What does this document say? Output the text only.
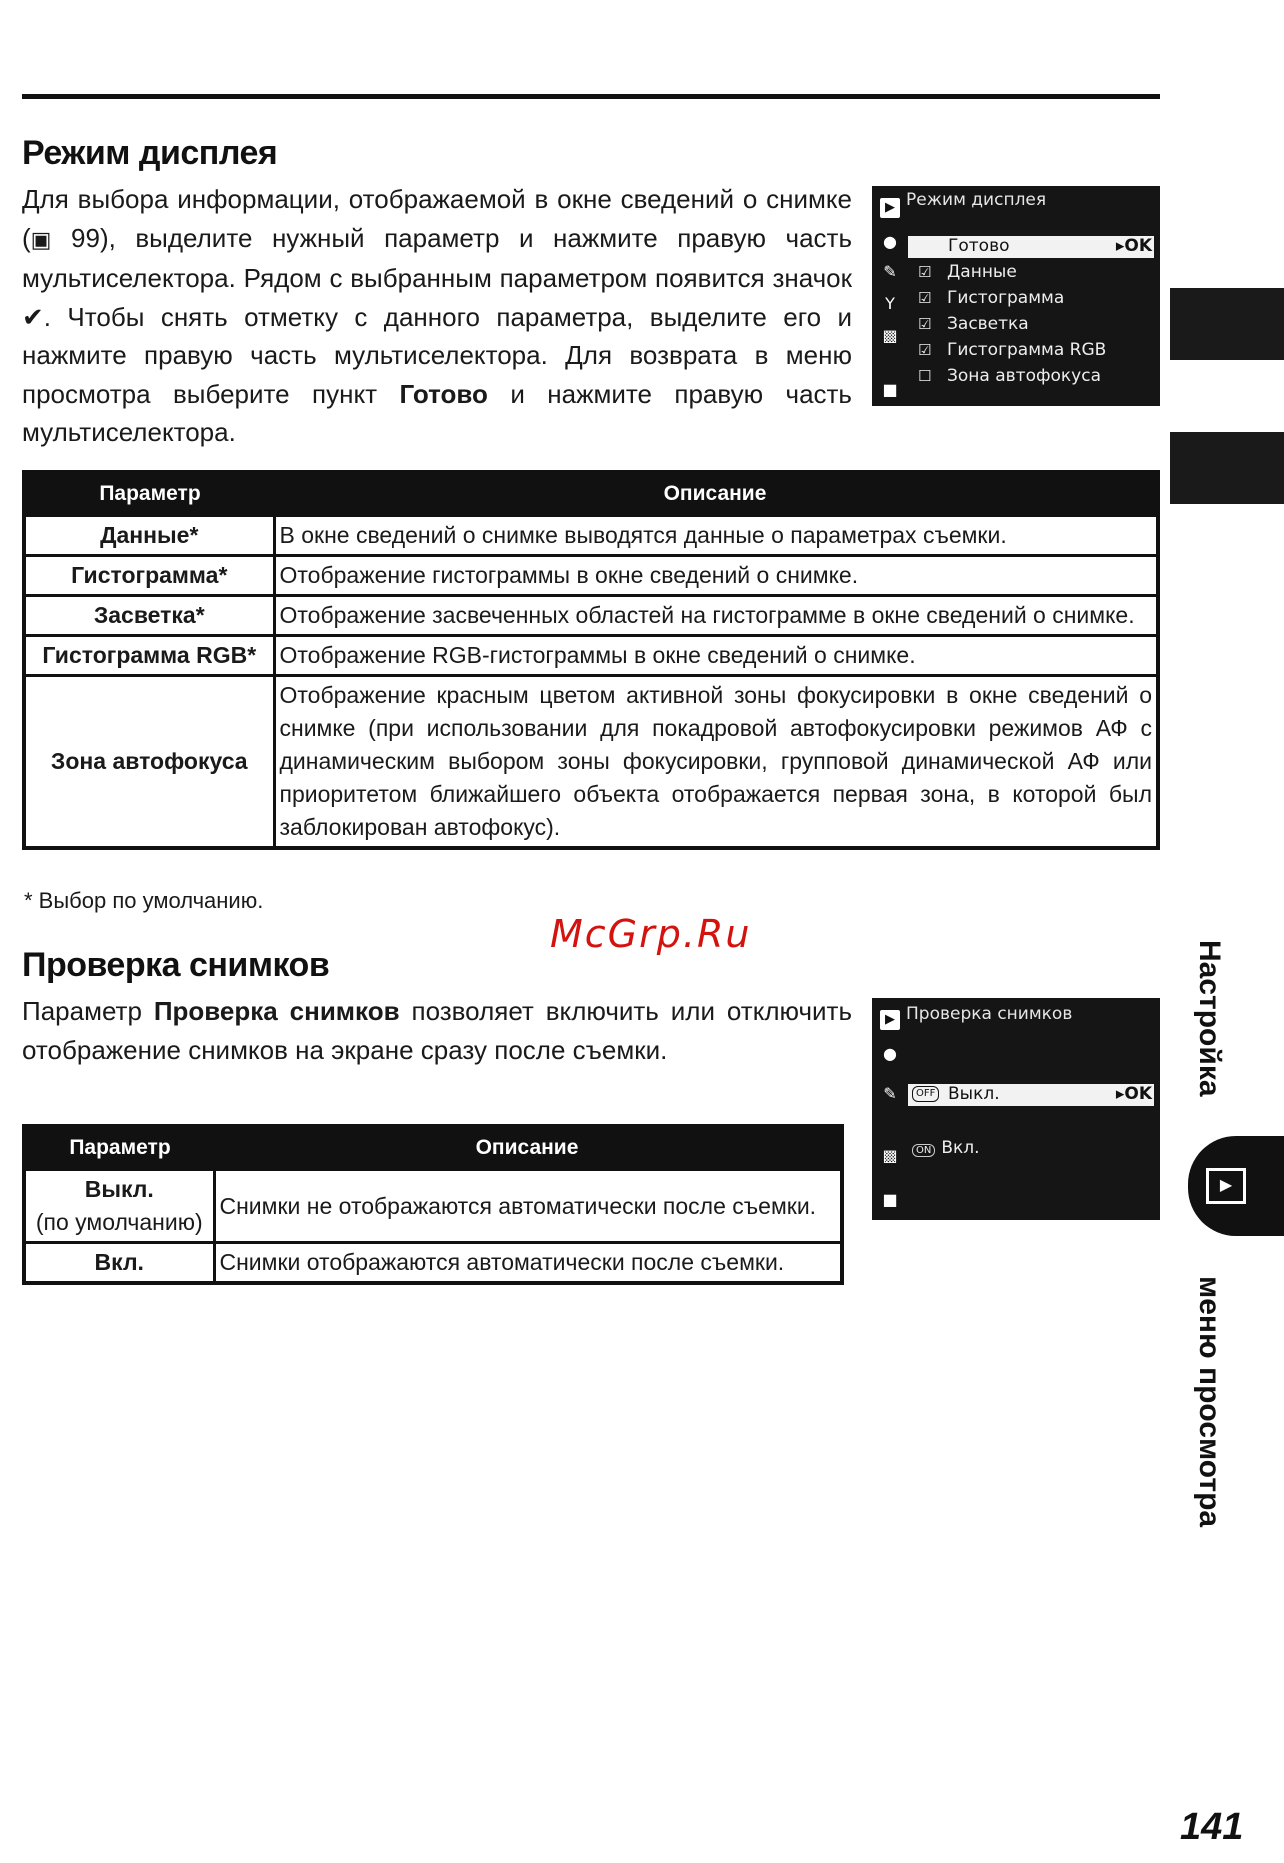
Режим дисплея
Для выбора информации, отображаемой в окне сведений о снимке (▣ 99), выделите нужный параметр и нажмите правую часть мультиселектора. Рядом с выбранным параметром появится значок ✔. Чтобы снять отметку с данного параметра, выделите его и нажмите правую часть мультиселектора. Для возврата в меню просмотра выберите пункт Готово и нажмите правую часть мультиселектора.
▶
●
✎
Y
▩
■
Режим дисплея
Готово	▸OK
☑ Данные
☑ Гистограмма
☑ Засветка
☑ Гистограмма RGB
☐ Зона автофокуса
Параметр	Описание
Данные*	В окне сведений о снимке выводятся данные о параметрах съемки.
Гистограмма*	Отображение гистограммы в окне сведений о снимке.
Засветка*	Отображение засвеченных областей на гистограмме в окне сведений о снимке.
Гистограмма RGB*	Отображение RGB-гистограммы в окне сведений о снимке.
Зона автофокуса	Отображение красным цветом активной зоны фокусировки в окне сведений о снимке (при использовании для покадровой автофокусировки режимов АФ с динамическим выбором зоны фокусировки, групповой динамической АФ или приоритетом ближайшего объекта отображается первая зона, в которой был заблокирован автофокус).
* Выбор по умолчанию.
McGrp.Ru
Проверка снимков
Параметр Проверка снимков позволяет включить или отключить отображение снимков на экране сразу после съемки.
▶
●
✎
▩
■
Проверка снимков
OFF Выкл.	▸OK
ON Вкл.
Параметр	Описание

Выкл.
(по умолчанию)	Снимки не отображаются автоматически после съемки.
Вкл.	Снимки отображаются автоматически после съемки.
Настройка
▶
меню просмотра
141
